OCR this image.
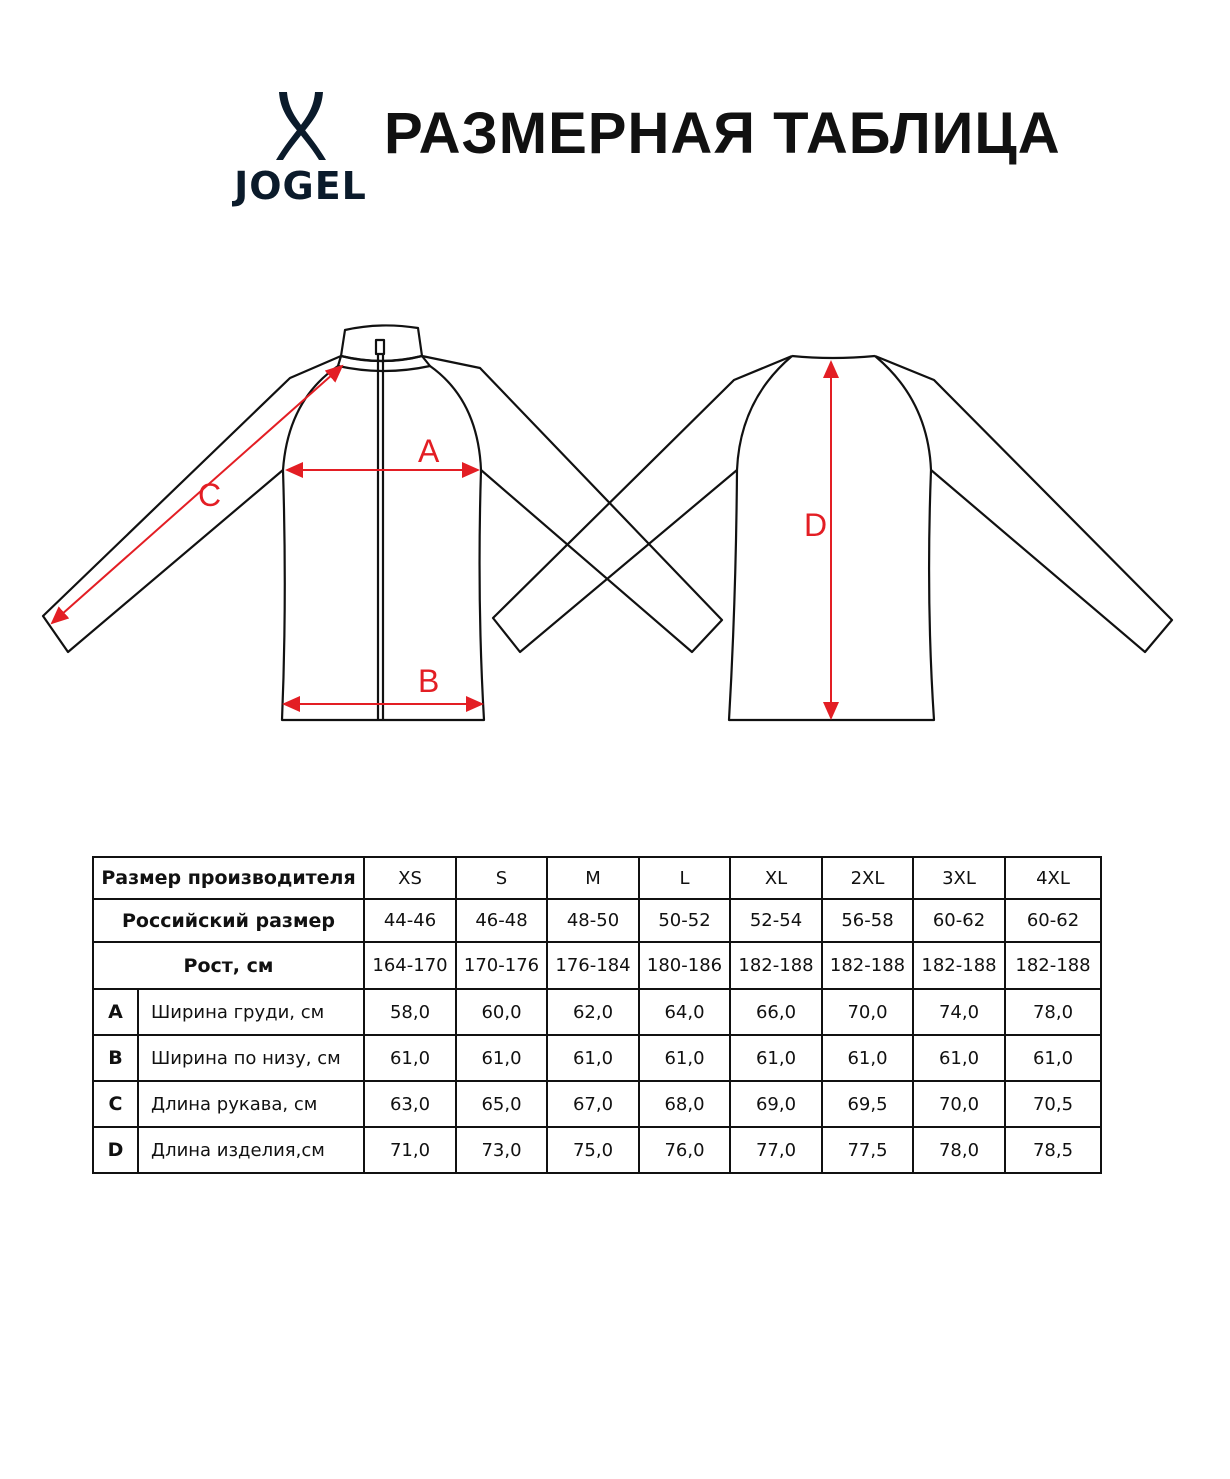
JOGEL
РАЗМЕРНАЯ ТАБЛИЦА
A
B
C
D
Размер производителя		XS	S	M	L	XL	2XL	3XL	4XL
Российский размер		44-46	46-48	48-50	50-52	52-54	56-58	60-62	60-62
Рост, см		164-170	170-176	176-184	180-186	182-188	182-188	182-188	182-188
A	Ширина груди, см	58,0	60,0	62,0	64,0	66,0	70,0	74,0	78,0
B	Ширина по низу, см	61,0	61,0	61,0	61,0	61,0	61,0	61,0	61,0
C	Длина рукава, см	63,0	65,0	67,0	68,0	69,0	69,5	70,0	70,5
D	Длина изделия,см	71,0	73,0	75,0	76,0	77,0	77,5	78,0	78,5
